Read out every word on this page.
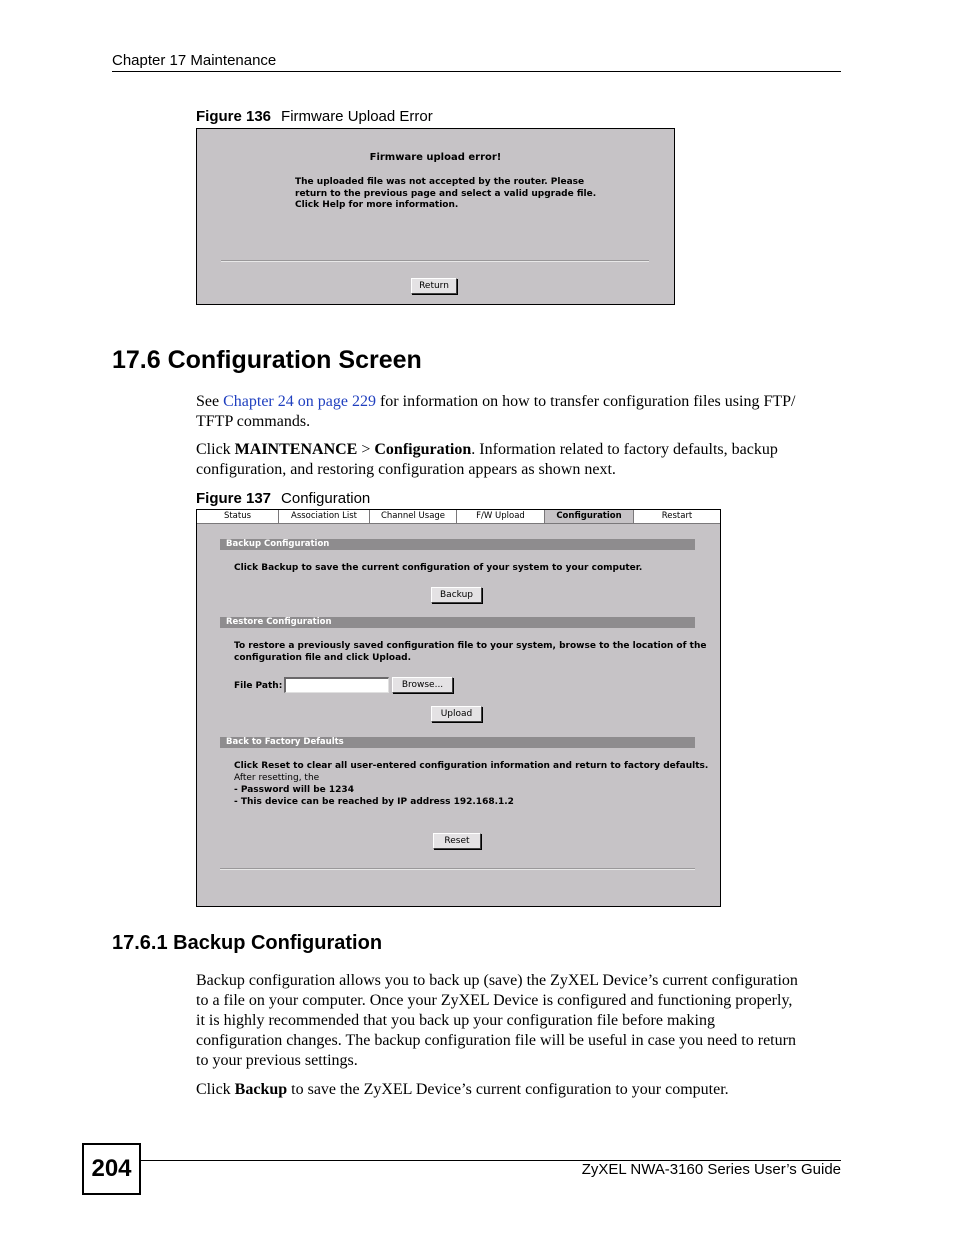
Chapter 17 Maintenance
Figure 136 Firmware Upload Error
Firmware upload error!
The uploaded file was not accepted by the router. Please
return to the previous page and select a valid upgrade file.
Click Help for more information.
Return
17.6 Configuration Screen
See Chapter 24 on page 229 for information on how to transfer configuration files using FTP/
TFTP commands.
Click MAINTENANCE > Configuration. Information related to factory defaults, backup
configuration, and restoring configuration appears as shown next.
Figure 137 Configuration
Status	Association List	Channel Usage	F/W Upload	Configuration	Restart
Backup Configuration
Click Backup to save the current configuration of your system to your computer.
Backup
Restore Configuration
To restore a previously saved configuration file to your system, browse to the location of the
configuration file and click Upload.
File Path:	Browse...
Upload
Back to Factory Defaults
Click Reset to clear all user-entered configuration information and return to factory defaults.
After resetting, the
- Password will be 1234
- This device can be reached by IP address 192.168.1.2
Reset
17.6.1 Backup Configuration
Backup configuration allows you to back up (save) the ZyXEL Device’s current configuration
to a file on your computer. Once your ZyXEL Device is configured and functioning properly,
it is highly recommended that you back up your configuration file before making
configuration changes. The backup configuration file will be useful in case you need to return
to your previous settings.
Click Backup to save the ZyXEL Device’s current configuration to your computer.
204	ZyXEL NWA-3160 Series User’s Guide
